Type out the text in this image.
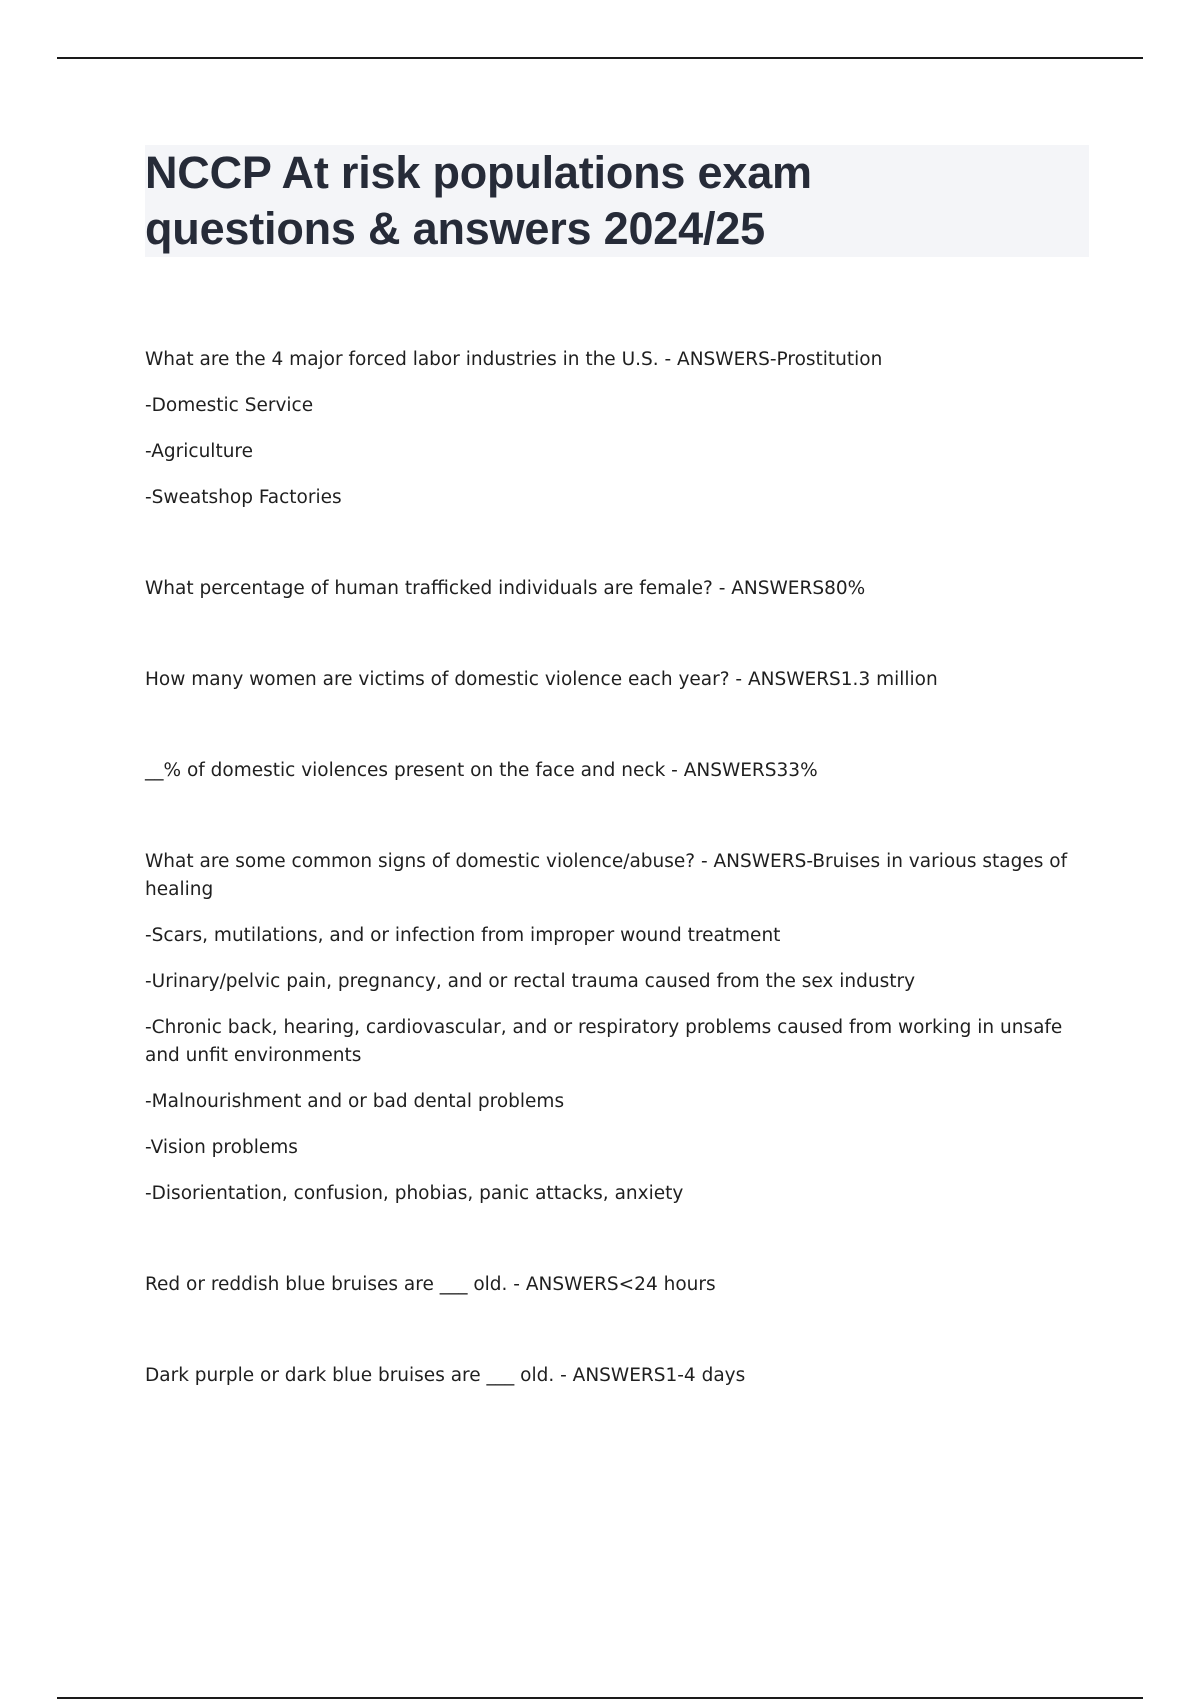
NCCP At risk populations exam
questions & answers 2024/25

What are the 4 major forced labor industries in the U.S. - ANSWERS-Prostitution

-Domestic Service

-Agriculture

-Sweatshop Factories

What percentage of human trafficked individuals are female? - ANSWERS80%

How many women are victims of domestic violence each year? - ANSWERS1.3 million

__% of domestic violences present on the face and neck - ANSWERS33%

What are some common signs of domestic violence/abuse? - ANSWERS-Bruises in various stages of healing

-Scars, mutilations, and or infection from improper wound treatment

-Urinary/pelvic pain, pregnancy, and or rectal trauma caused from the sex industry

-Chronic back, hearing, cardiovascular, and or respiratory problems caused from working in unsafe and unfit environments

-Malnourishment and or bad dental problems

-Vision problems

-Disorientation, confusion, phobias, panic attacks, anxiety

Red or reddish blue bruises are ___ old. - ANSWERS<24 hours

Dark purple or dark blue bruises are ___ old. - ANSWERS1-4 days
